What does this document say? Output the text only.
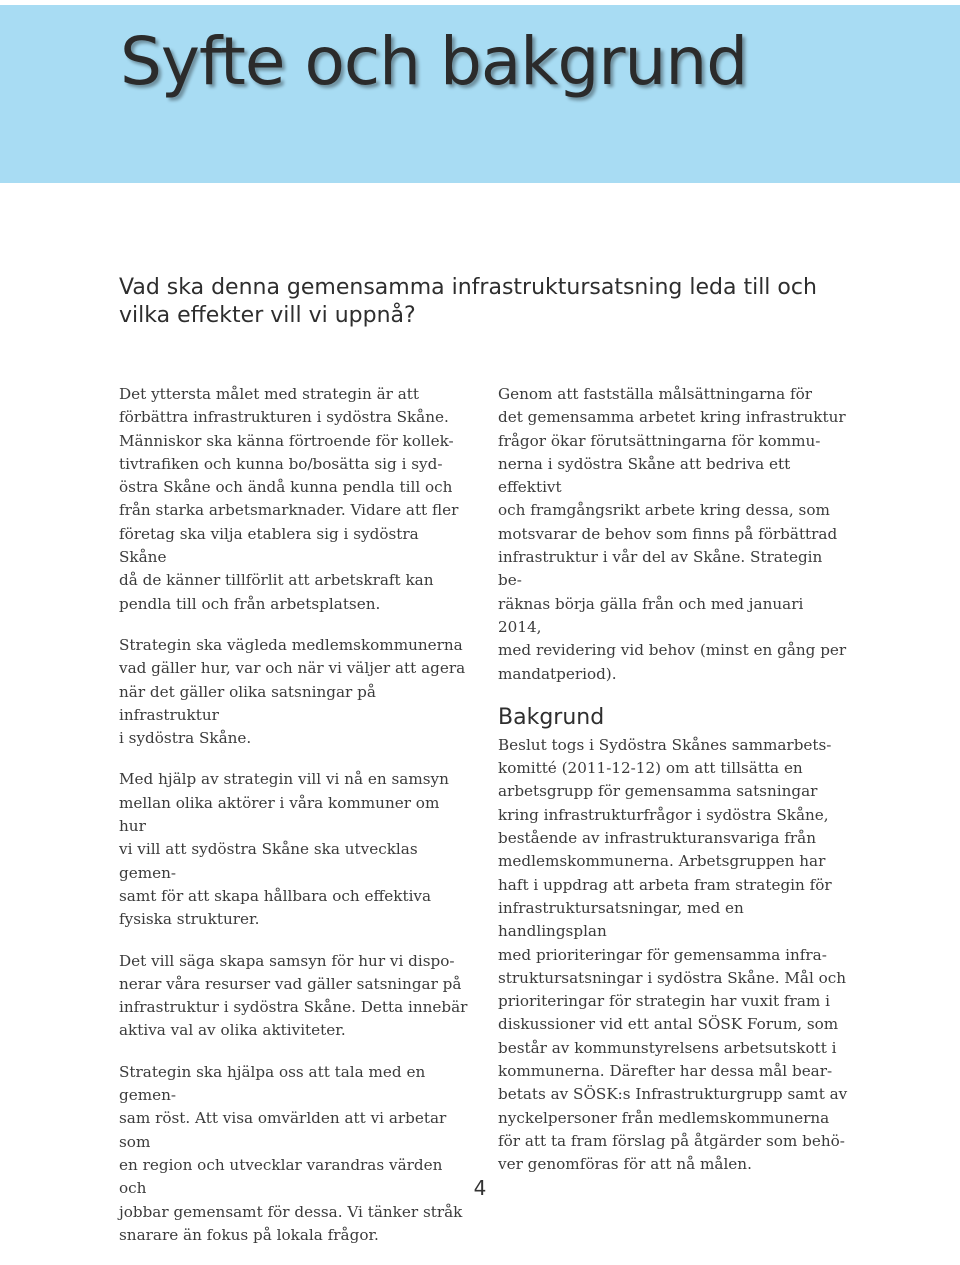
Syfte och bakgrund
Vad ska denna gemensamma infrastruktursatsning leda till och vilka effekter vill vi uppnå?

Det yttersta målet med strategin är att
förbättra infrastrukturen i sydöstra Skåne.
Människor ska känna förtroende för kollek-
tivtrafiken och kunna bo/bosätta sig i syd-
östra Skåne och ändå kunna pendla till och
från starka arbetsmarknader. Vidare att fler
företag ska vilja etablera sig i sydöstra Skåne
då de känner tillförlit att arbetskraft kan
pendla till och från arbetsplatsen.

Strategin ska vägleda medlemskommunerna
vad gäller hur, var och när vi väljer att agera
när det gäller olika satsningar på infrastruktur
i sydöstra Skåne.

Med hjälp av strategin vill vi nå en samsyn
mellan olika aktörer i våra kommuner om hur
vi vill att sydöstra Skåne ska utvecklas gemen-
samt för att skapa hållbara och effektiva
fysiska strukturer.

Det vill säga skapa samsyn för hur vi dispo-
nerar våra resurser vad gäller satsningar på
infrastruktur i sydöstra Skåne. Detta innebär
aktiva val av olika aktiviteter.

Strategin ska hjälpa oss att tala med en gemen-
sam röst. Att visa omvärlden att vi arbetar som
en region och utvecklar varandras värden och
jobbar gemensamt för dessa. Vi tänker stråk
snarare än fokus på lokala frågor.

Genom att fastställa målsättningarna för
det gemensamma arbetet kring infrastruktur
frågor ökar förutsättningarna för kommu-
nerna i sydöstra Skåne att bedriva ett effektivt
och framgångsrikt arbete kring dessa, som
motsvarar de behov som finns på förbättrad
infrastruktur i vår del av Skåne. Strategin be-
räknas börja gälla från och med januari 2014,
med revidering vid behov (minst en gång per
mandatperiod).

Bakgrund

Beslut togs i Sydöstra Skånes sammarbets-
komitté (2011-12-12) om att tillsätta en
arbetsgrupp för gemensamma satsningar
kring infrastrukturfrågor i sydöstra Skåne,
bestående av infrastrukturansvariga från
medlemskommunerna. Arbetsgruppen har
haft i uppdrag att arbeta fram strategin för
infrastruktursatsningar, med en handlingsplan
med prioriteringar för gemensamma infra-
struktursatsningar i sydöstra Skåne. Mål och
prioriteringar för strategin har vuxit fram i
diskussioner vid ett antal SÖSK Forum, som
består av kommunstyrelsens arbetsutskott i
kommunerna. Därefter har dessa mål bear-
betats av SÖSK:s Infrastrukturgrupp samt av
nyckelpersoner från medlemskommunerna
för att ta fram förslag på åtgärder som behö-
ver genomföras för att nå målen.

4
